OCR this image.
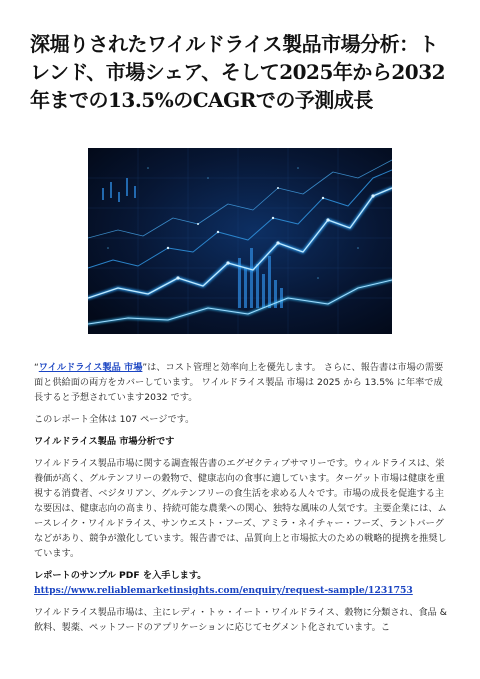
深堀りされたワイルドライス製品市場分析：トレンド、市場シェア、そして2025年から2032年までの13.5%のCAGRでの予測成長

“ワイルドライス製品 市場”は、コスト管理と効率向上を優先します。 さらに、報告書は市場の需要面と供給面の両方をカバーしています。 ワイルドライス製品 市場は 2025 から 13.5% に年率で成長すると予想されています2032 です。

このレポート全体は 107 ページです。

ワイルドライス製品 市場分析です

ワイルドライス製品市場に関する調査報告書のエグゼクティブサマリーです。ウィルドライスは、栄養価が高く、グルテンフリーの穀物で、健康志向の食事に適しています。ターゲット市場は健康を重視する消費者、ベジタリアン、グルテンフリーの食生活を求める人々です。市場の成長を促進する主な要因は、健康志向の高まり、持続可能な農業への関心、独特な風味の人気です。主要企業には、ムースレイク・ワイルドライス、サンウエスト・フーズ、アミラ・ネイチャー・フーズ、ラントバーグなどがあり、競争が激化しています。報告書では、品質向上と市場拡大のための戦略的提携を推奨しています。

レポートのサンプル PDF を入手します。 https://www.reliablemarketinsights.com/enquiry/request-sample/1231753

ワイルドライス製品市場は、主にレディ・トゥ・イート・ワイルドライス、穀物に分類され、食品 & 飲料、製薬、ペットフードのアプリケーションに応じてセグメント化されています。こ
